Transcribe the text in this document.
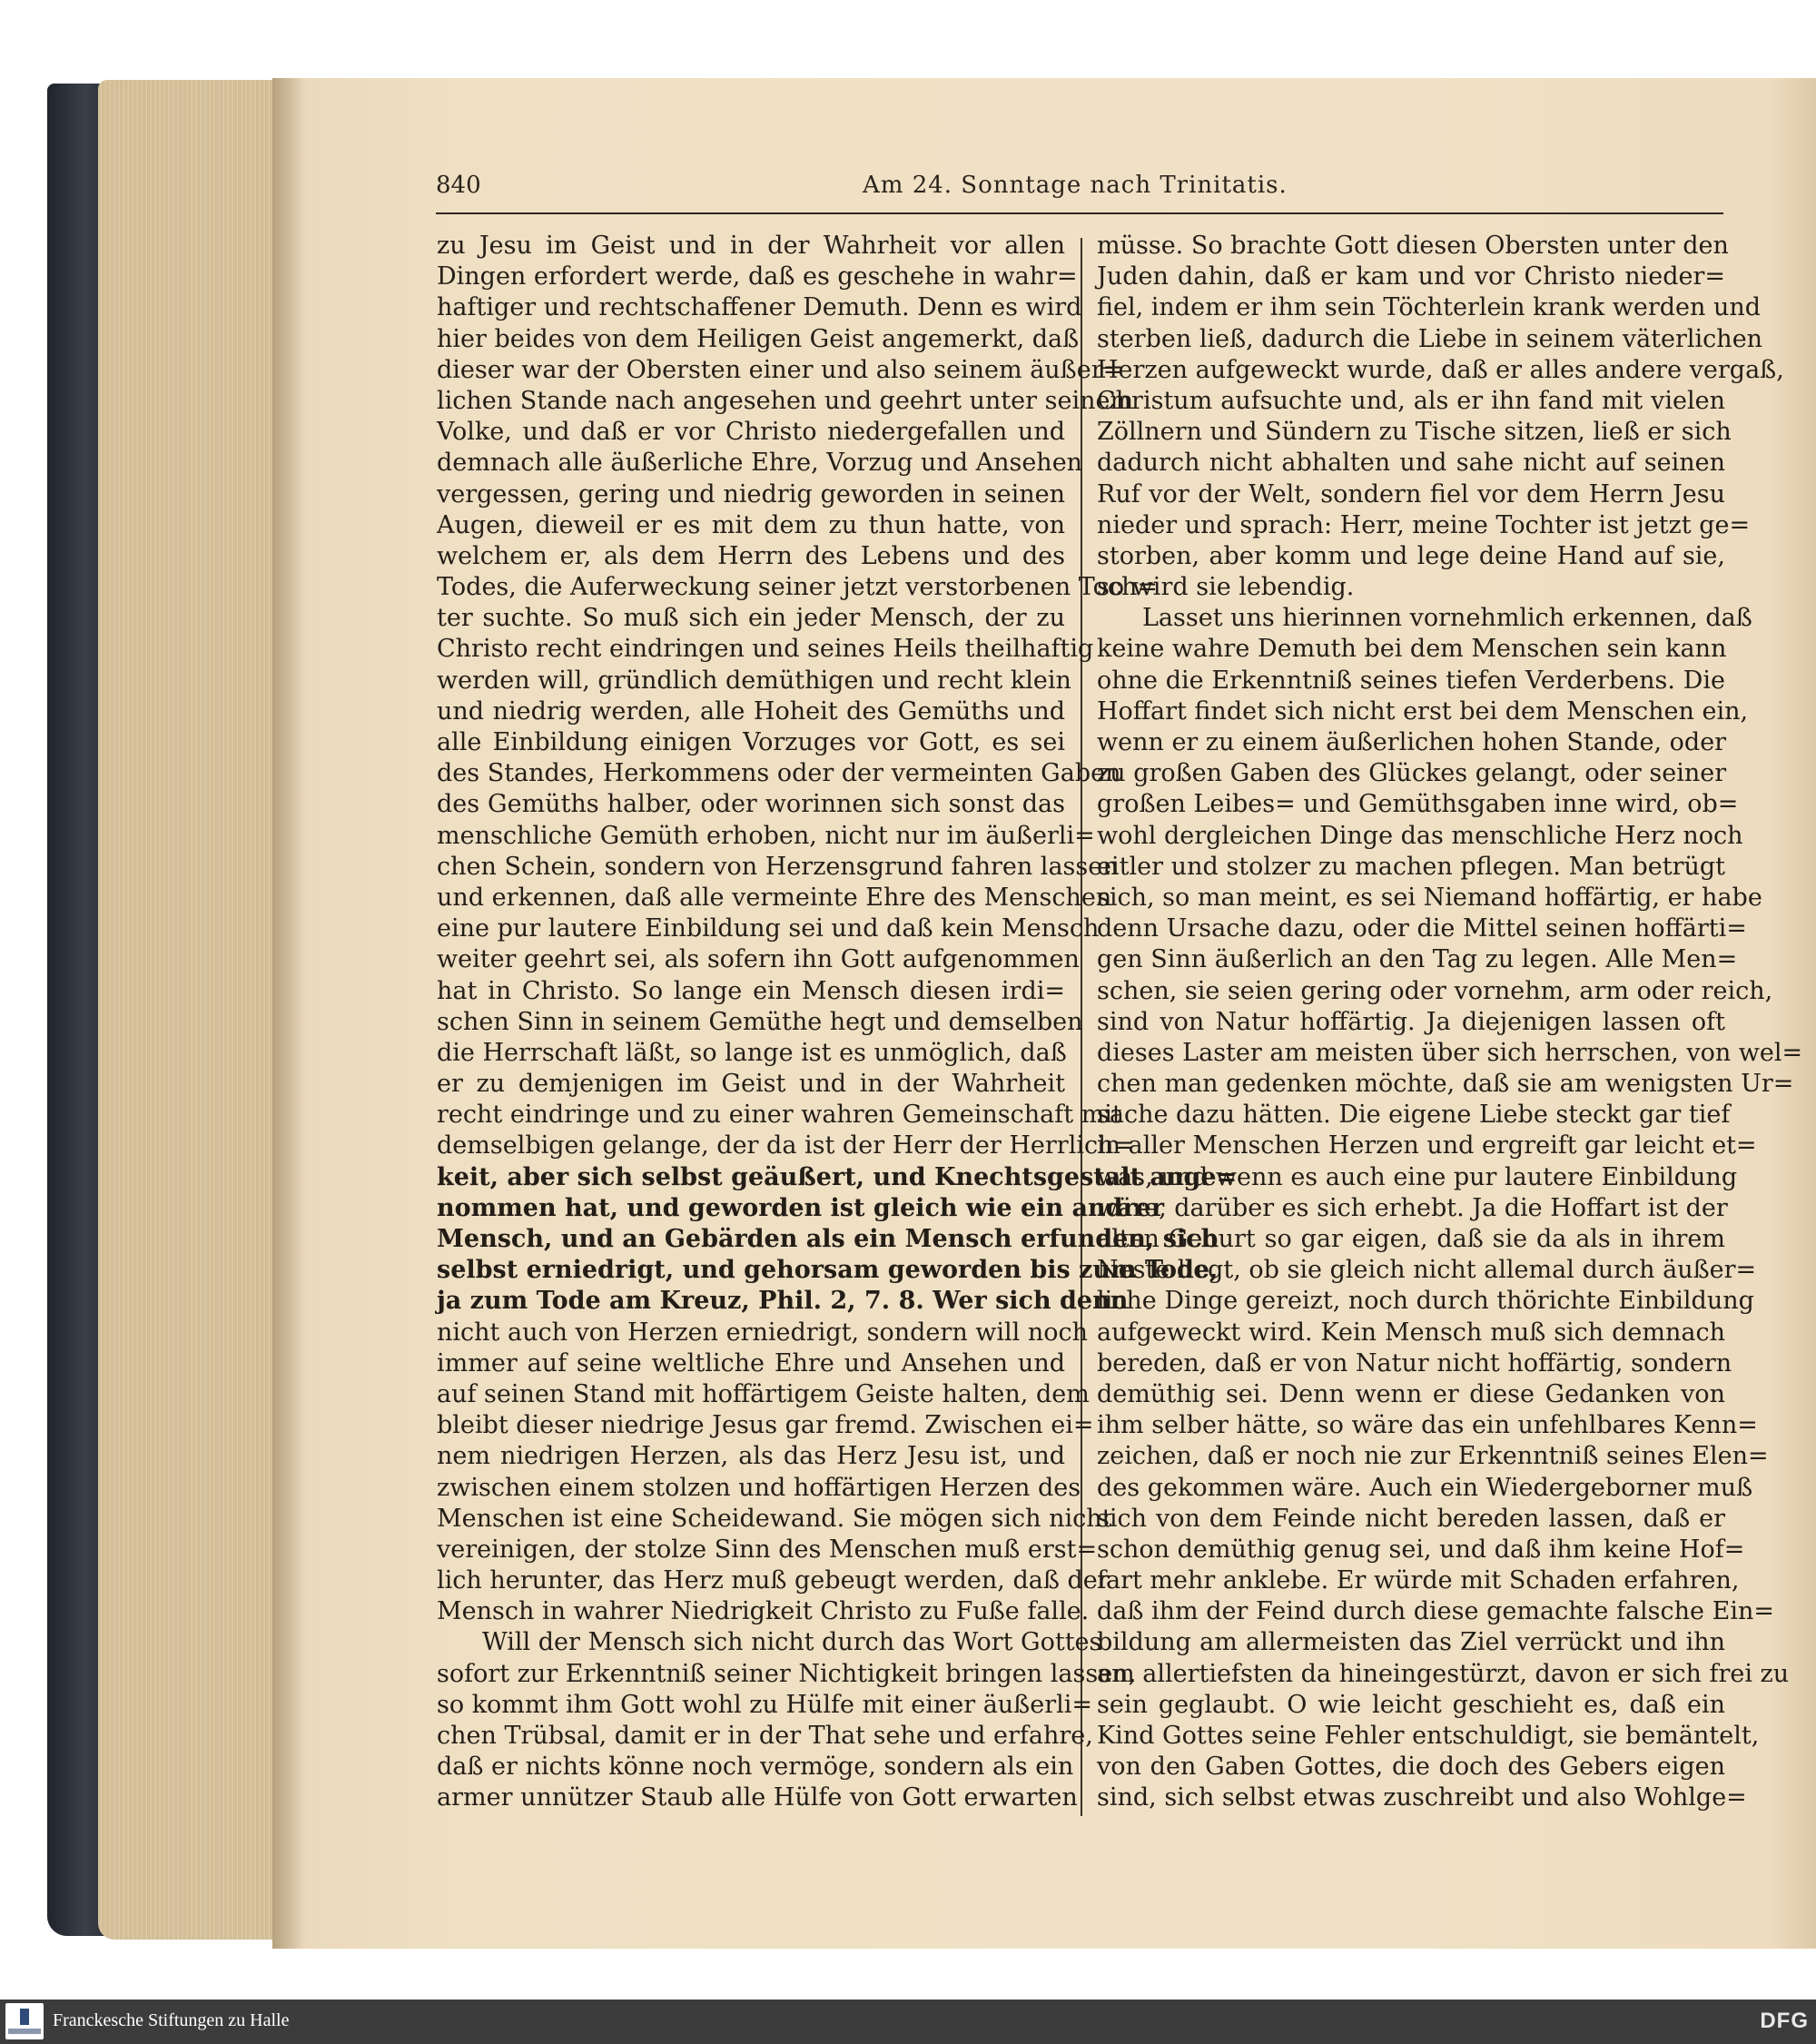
840	Am 24. Sonntage nach Trinitatis.
zu Jesu im Geist und in der Wahrheit vor allen
Dingen erfordert werde, daß es geschehe in wahr=
haftiger und rechtschaffener Demuth. Denn es wird
hier beides von dem Heiligen Geist angemerkt, daß
dieser war der Obersten einer und also seinem äußer=
lichen Stande nach angesehen und geehrt unter seinem
Volke, und daß er vor Christo niedergefallen und
demnach alle äußerliche Ehre, Vorzug und Ansehen
vergessen, gering und niedrig geworden in seinen
Augen, dieweil er es mit dem zu thun hatte, von
welchem er, als dem Herrn des Lebens und des
Todes, die Auferweckung seiner jetzt verstorbenen Toch=
ter suchte. So muß sich ein jeder Mensch, der zu
Christo recht eindringen und seines Heils theilhaftig
werden will, gründlich demüthigen und recht klein
und niedrig werden, alle Hoheit des Gemüths und
alle Einbildung einigen Vorzuges vor Gott, es sei
des Standes, Herkommens oder der vermeinten Gaben
des Gemüths halber, oder worinnen sich sonst das
menschliche Gemüth erhoben, nicht nur im äußerli=
chen Schein, sondern von Herzensgrund fahren lassen
und erkennen, daß alle vermeinte Ehre des Menschen
eine pur lautere Einbildung sei und daß kein Mensch
weiter geehrt sei, als sofern ihn Gott aufgenommen
hat in Christo. So lange ein Mensch diesen irdi=
schen Sinn in seinem Gemüthe hegt und demselben
die Herrschaft läßt, so lange ist es unmöglich, daß
er zu demjenigen im Geist und in der Wahrheit
recht eindringe und zu einer wahren Gemeinschaft mit
demselbigen gelange, der da ist der Herr der Herrlich=
keit, aber sich selbst geäußert, und Knechtsgestalt ange=
nommen hat, und geworden ist gleich wie ein andrer
Mensch, und an Gebärden als ein Mensch erfunden, sich
selbst erniedrigt, und gehorsam geworden bis zum Tode,
ja zum Tode am Kreuz, Phil. 2, 7. 8. Wer sich denn
nicht auch von Herzen erniedrigt, sondern will noch
immer auf seine weltliche Ehre und Ansehen und
auf seinen Stand mit hoffärtigem Geiste halten, dem
bleibt dieser niedrige Jesus gar fremd. Zwischen ei=
nem niedrigen Herzen, als das Herz Jesu ist, und
zwischen einem stolzen und hoffärtigen Herzen des
Menschen ist eine Scheidewand. Sie mögen sich nicht
vereinigen, der stolze Sinn des Menschen muß erst=
lich herunter, das Herz muß gebeugt werden, daß der
Mensch in wahrer Niedrigkeit Christo zu Fuße falle.
Will der Mensch sich nicht durch das Wort Gottes
sofort zur Erkenntniß seiner Nichtigkeit bringen lassen,
so kommt ihm Gott wohl zu Hülfe mit einer äußerli=
chen Trübsal, damit er in der That sehe und erfahre,
daß er nichts könne noch vermöge, sondern als ein
armer unnützer Staub alle Hülfe von Gott erwarten
müsse. So brachte Gott diesen Obersten unter den
Juden dahin, daß er kam und vor Christo nieder=
fiel, indem er ihm sein Töchterlein krank werden und
sterben ließ, dadurch die Liebe in seinem väterlichen
Herzen aufgeweckt wurde, daß er alles andere vergaß,
Christum aufsuchte und, als er ihn fand mit vielen
Zöllnern und Sündern zu Tische sitzen, ließ er sich
dadurch nicht abhalten und sahe nicht auf seinen
Ruf vor der Welt, sondern fiel vor dem Herrn Jesu
nieder und sprach: Herr, meine Tochter ist jetzt ge=
storben, aber komm und lege deine Hand auf sie,
so wird sie lebendig.
Lasset uns hierinnen vornehmlich erkennen, daß
keine wahre Demuth bei dem Menschen sein kann
ohne die Erkenntniß seines tiefen Verderbens. Die
Hoffart findet sich nicht erst bei dem Menschen ein,
wenn er zu einem äußerlichen hohen Stande, oder
zu großen Gaben des Glückes gelangt, oder seiner
großen Leibes= und Gemüthsgaben inne wird, ob=
wohl dergleichen Dinge das menschliche Herz noch
eitler und stolzer zu machen pflegen. Man betrügt
sich, so man meint, es sei Niemand hoffärtig, er habe
denn Ursache dazu, oder die Mittel seinen hoffärti=
gen Sinn äußerlich an den Tag zu legen. Alle Men=
schen, sie seien gering oder vornehm, arm oder reich,
sind von Natur hoffärtig. Ja diejenigen lassen oft
dieses Laster am meisten über sich herrschen, von wel=
chen man gedenken möchte, daß sie am wenigsten Ur=
sache dazu hätten. Die eigene Liebe steckt gar tief
in aller Menschen Herzen und ergreift gar leicht et=
was, und wenn es auch eine pur lautere Einbildung
wäre, darüber es sich erhebt. Ja die Hoffart ist der
alten Geburt so gar eigen, daß sie da als in ihrem
Neste liegt, ob sie gleich nicht allemal durch äußer=
liche Dinge gereizt, noch durch thörichte Einbildung
aufgeweckt wird. Kein Mensch muß sich demnach
bereden, daß er von Natur nicht hoffärtig, sondern
demüthig sei. Denn wenn er diese Gedanken von
ihm selber hätte, so wäre das ein unfehlbares Kenn=
zeichen, daß er noch nie zur Erkenntniß seines Elen=
des gekommen wäre. Auch ein Wiedergeborner muß
sich von dem Feinde nicht bereden lassen, daß er
schon demüthig genug sei, und daß ihm keine Hof=
fart mehr anklebe. Er würde mit Schaden erfahren,
daß ihm der Feind durch diese gemachte falsche Ein=
bildung am allermeisten das Ziel verrückt und ihn
am allertiefsten da hineingestürzt, davon er sich frei zu
sein geglaubt. O wie leicht geschieht es, daß ein
Kind Gottes seine Fehler entschuldigt, sie bemäntelt,
von den Gaben Gottes, die doch des Gebers eigen
sind, sich selbst etwas zuschreibt und also Wohlge=
Franckesche Stiftungen zu Halle	DFG
